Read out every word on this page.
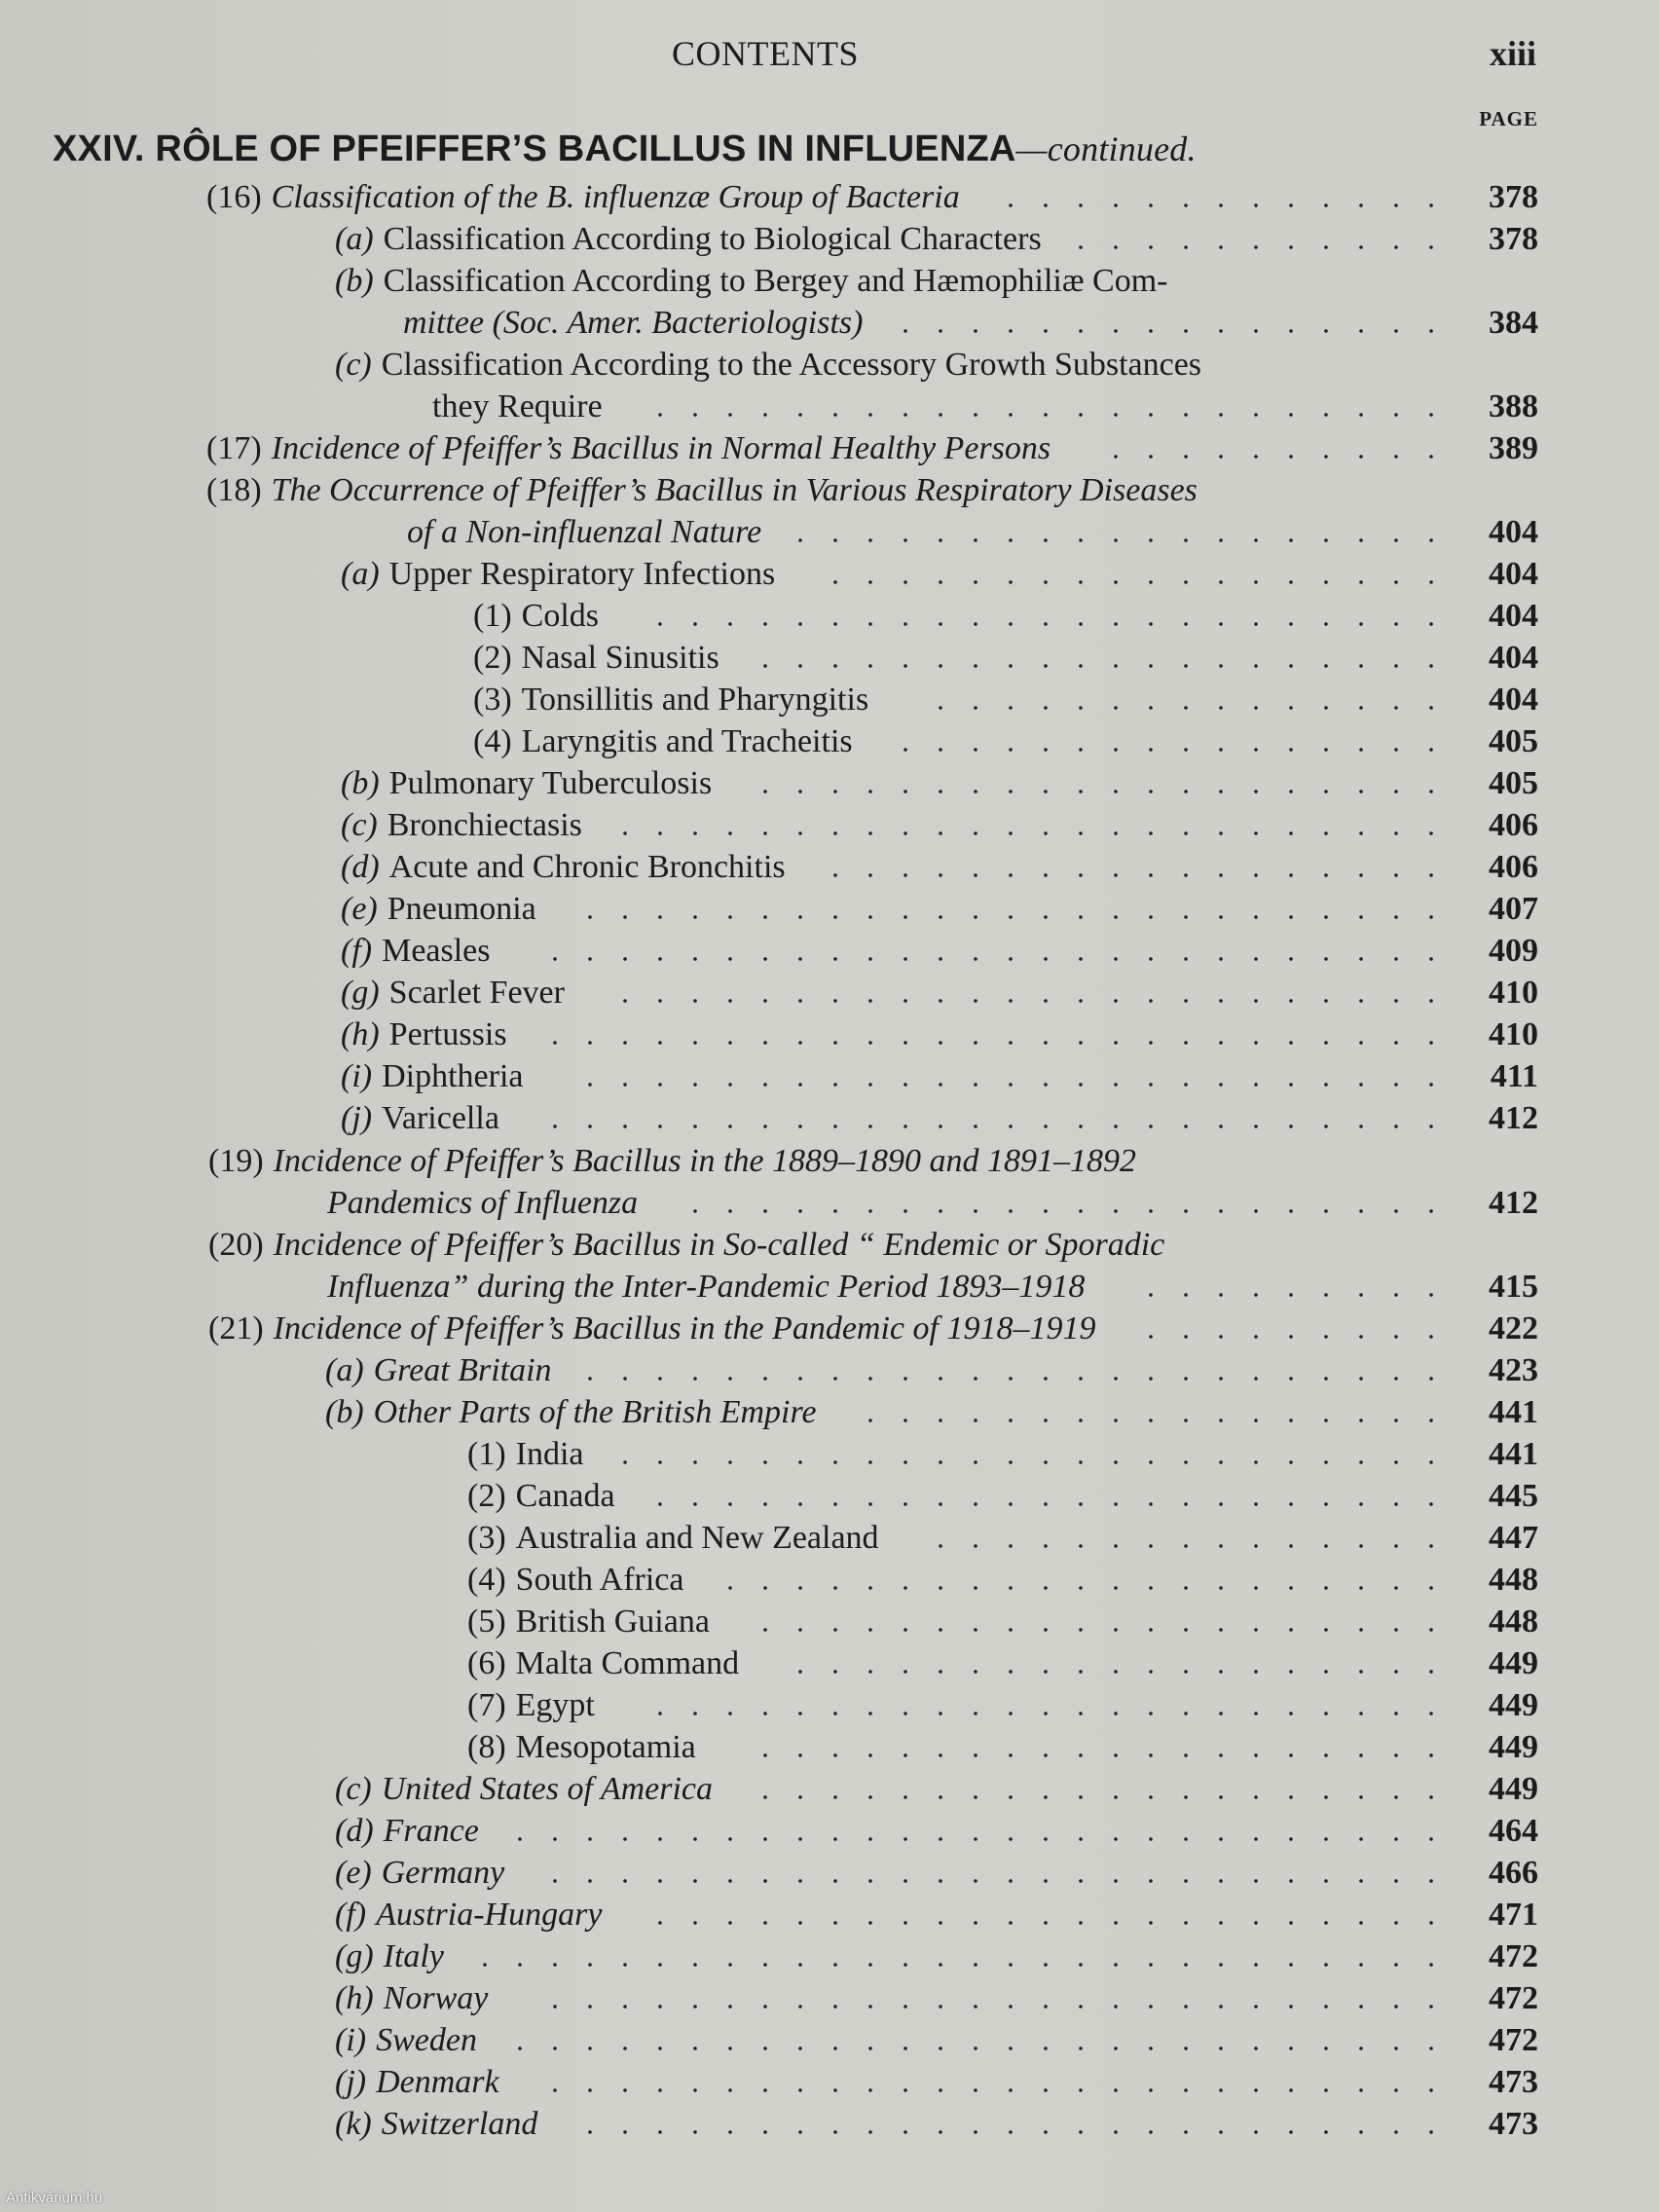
CONTENTS	xiii
PAGE
XXIV. RÔLE OF PFEIFFER’S BACILLUS IN INFLUENZA—continued.
(16) Classification of the B. influenzæ Group of Bacteria	378
(a) Classification According to Biological Characters	378
(b) Classification According to Bergey and Hæmophiliæ Com-
mittee (Soc. Amer. Bacteriologists)	384
(c) Classification According to the Accessory Growth Substances
they Require	388
(17) Incidence of Pfeiffer’s Bacillus in Normal Healthy Persons	389
(18) The Occurrence of Pfeiffer’s Bacillus in Various Respiratory Diseases
of a Non-influenzal Nature	404
(a) Upper Respiratory Infections	404
(1) Colds	404
(2) Nasal Sinusitis	404
(3) Tonsillitis and Pharyngitis	404
(4) Laryngitis and Tracheitis	405
(b) Pulmonary Tuberculosis	405
(c) Bronchiectasis	406
(d) Acute and Chronic Bronchitis	406
(e) Pneumonia	407
(f) Measles	409
(g) Scarlet Fever	410
(h) Pertussis	410
(i) Diphtheria	411
(j) Varicella	412
(19) Incidence of Pfeiffer’s Bacillus in the 1889–1890 and 1891–1892
Pandemics of Influenza	412
(20) Incidence of Pfeiffer’s Bacillus in So-called “ Endemic or Sporadic
Influenza” during the Inter-Pandemic Period 1893–1918	415
(21) Incidence of Pfeiffer’s Bacillus in the Pandemic of 1918–1919	422
(a) Great Britain	423
(b) Other Parts of the British Empire	441
(1) India	441
(2) Canada	445
(3) Australia and New Zealand	447
(4) South Africa	448
(5) British Guiana	448
(6) Malta Command	449
(7) Egypt	449
(8) Mesopotamia	449
(c) United States of America	449
(d) France	464
(e) Germany	466
(f) Austria-Hungary	471
(g) Italy	472
(h) Norway	472
(i) Sweden	472
(j) Denmark	473
(k) Switzerland	473
Antikvárium.hu
